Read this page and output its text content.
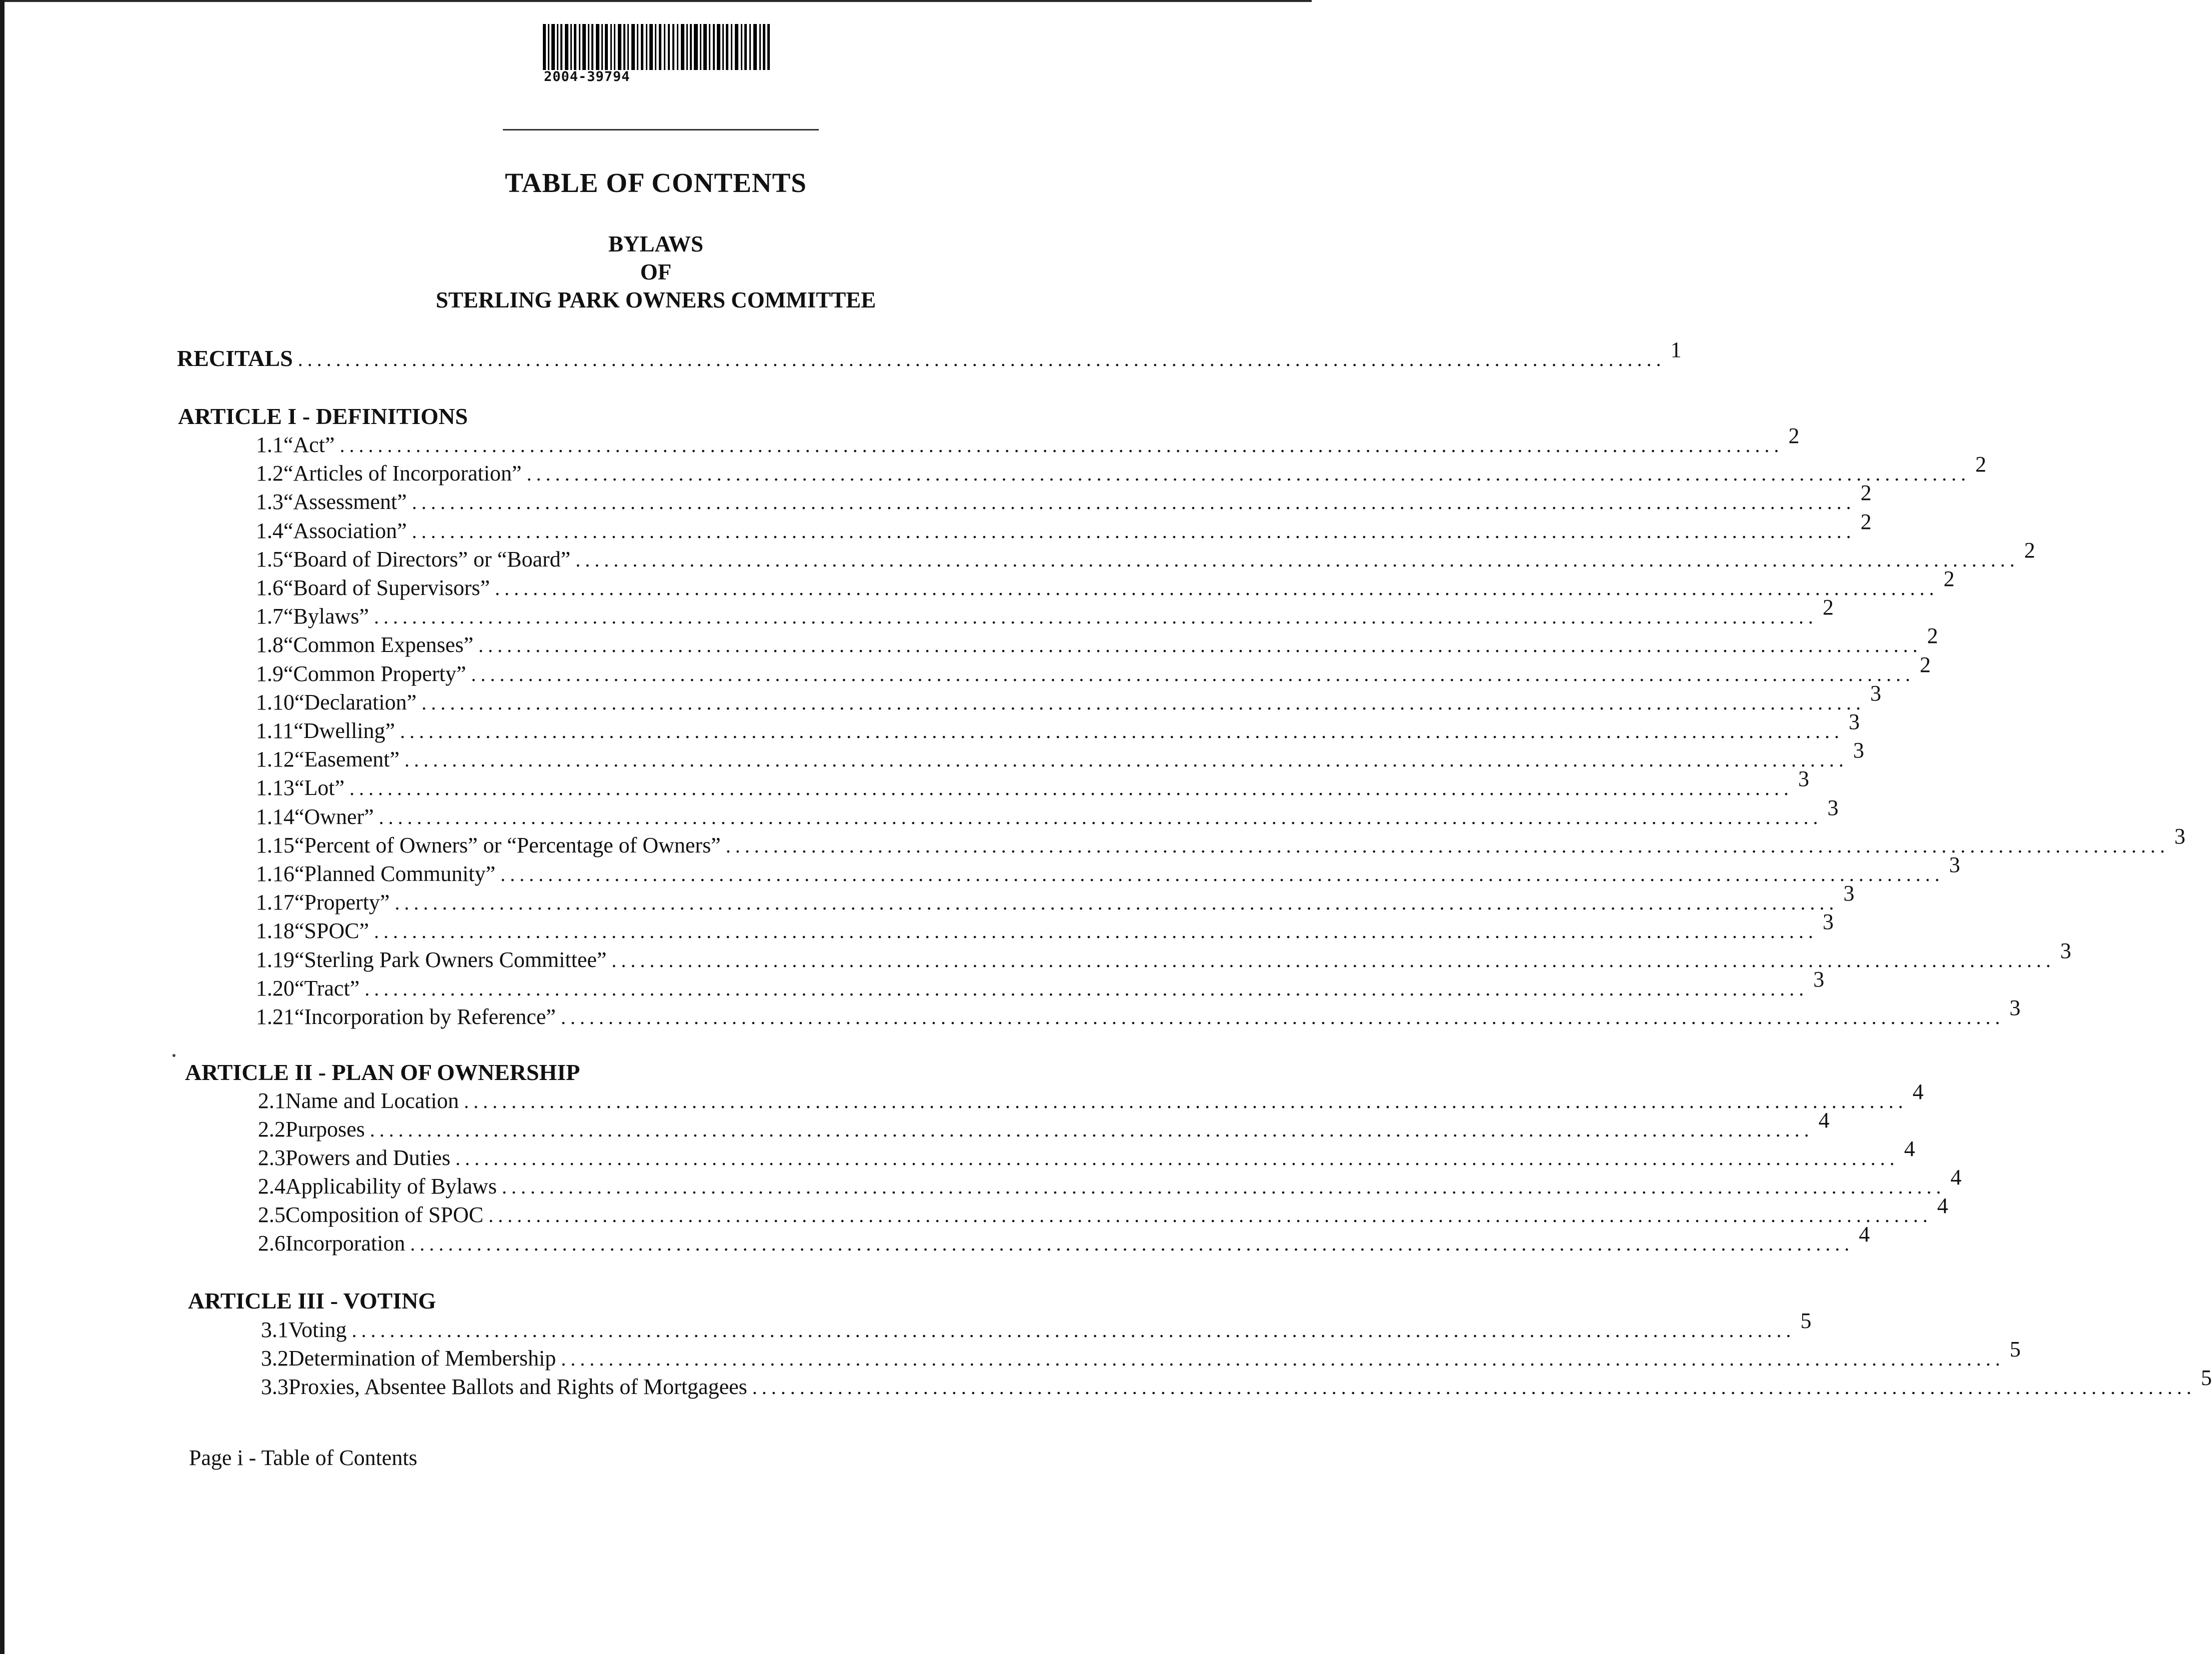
2004-39794
TABLE OF CONTENTS
BYLAWS
OF
STERLING PARK OWNERS COMMITTEE
RECITALS ................................................................................................................................................ 1
ARTICLE I - DEFINITIONS
1.1 “Act” ........................................................................................................................................................ 2
1.2 “Articles of Incorporation” ........................................................................................................................................................ 2
1.3 “Assessment” ........................................................................................................................................................ 2
1.4 “Association” ........................................................................................................................................................ 2
1.5 “Board of Directors” or “Board” ........................................................................................................................................................ 2
1.6 “Board of Supervisors” ........................................................................................................................................................ 2
1.7 “Bylaws” ........................................................................................................................................................ 2
1.8 “Common Expenses” ........................................................................................................................................................ 2
1.9 “Common Property” ........................................................................................................................................................ 2
1.10 “Declaration” ........................................................................................................................................................ 3
1.11 “Dwelling” ........................................................................................................................................................ 3
1.12 “Easement” ........................................................................................................................................................ 3
1.13 “Lot” ........................................................................................................................................................ 3
1.14 “Owner” ........................................................................................................................................................ 3
1.15 “Percent of Owners” or “Percentage of Owners” ........................................................................................................................................................ 3
1.16 “Planned Community” ........................................................................................................................................................ 3
1.17 “Property” ........................................................................................................................................................ 3
1.18 “SPOC” ........................................................................................................................................................ 3
1.19 “Sterling Park Owners Committee” ........................................................................................................................................................ 3
1.20 “Tract” ........................................................................................................................................................ 3
1.21 “Incorporation by Reference” ........................................................................................................................................................ 3
ARTICLE II - PLAN OF OWNERSHIP
2.1 Name and Location ........................................................................................................................................................ 4
2.2 Purposes ........................................................................................................................................................ 4
2.3 Powers and Duties ........................................................................................................................................................ 4
2.4 Applicability of Bylaws ........................................................................................................................................................ 4
2.5 Composition of SPOC ........................................................................................................................................................ 4
2.6 Incorporation ........................................................................................................................................................ 4
ARTICLE III - VOTING
3.1 Voting ........................................................................................................................................................ 5
3.2 Determination of Membership ........................................................................................................................................................ 5
3.3 Proxies, Absentee Ballots and Rights of Mortgagees ........................................................................................................................................................ 5
Page i - Table of Contents
